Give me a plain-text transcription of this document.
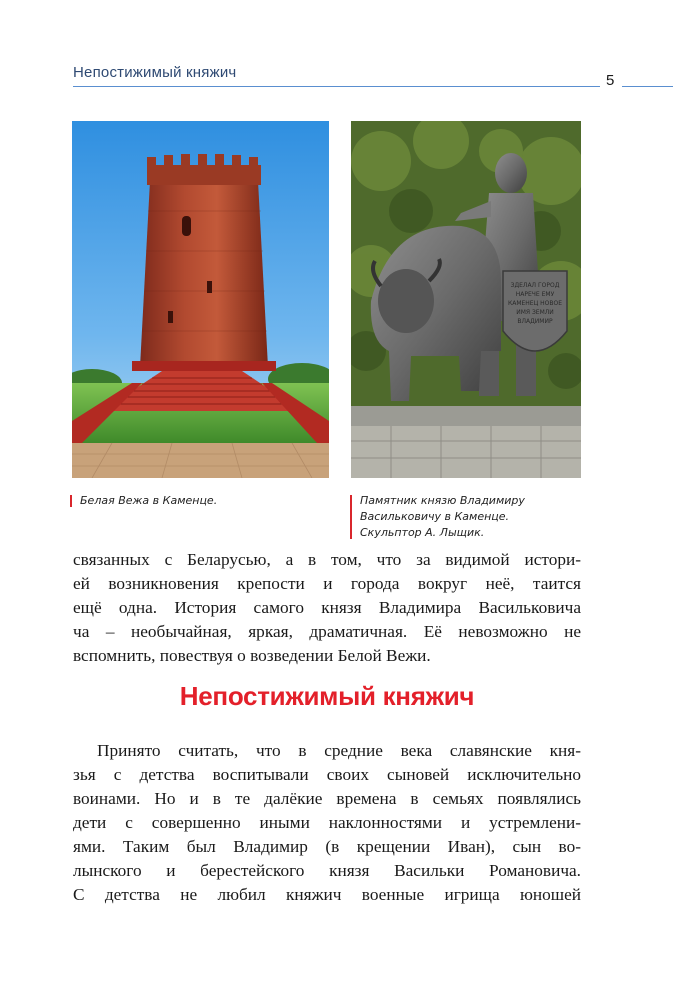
Непостижимый княжич	5
ЗДЕЛАЛ ГОРОД
НАРЕЧЕ ЕМУ
КАМЕНЕЦ НОВОЕ
ИМЯ ЗЕМЛИ
ВЛАДИМИР
Белая Вежа в Каменце.	Памятник князю Владимиру
Васильковичу в Каменце.
Скульптор А. Лыщик.
связанных с Беларусью, а в том, что за видимой истори-
ей возникновения крепости и города вокруг неё, таится
ещё одна. История самого князя Владимира Васильковича
ча – необычайная, яркая, драматичная. Её невозможно не
вспомнить, повествуя о возведении Белой Вежи.
Непостижимый княжич
Принято считать, что в средние века славянские кня-
зья с детства воспитывали своих сыновей исключительно
воинами. Но и в те далёкие времена в семьях появлялись
дети с совершенно иными наклонностями и устремлени-
ями. Таким был Владимир (в крещении Иван), сын во-
лынского и берестейского князя Васильки Романовича.
С детства не любил княжич военные игрища юношей
